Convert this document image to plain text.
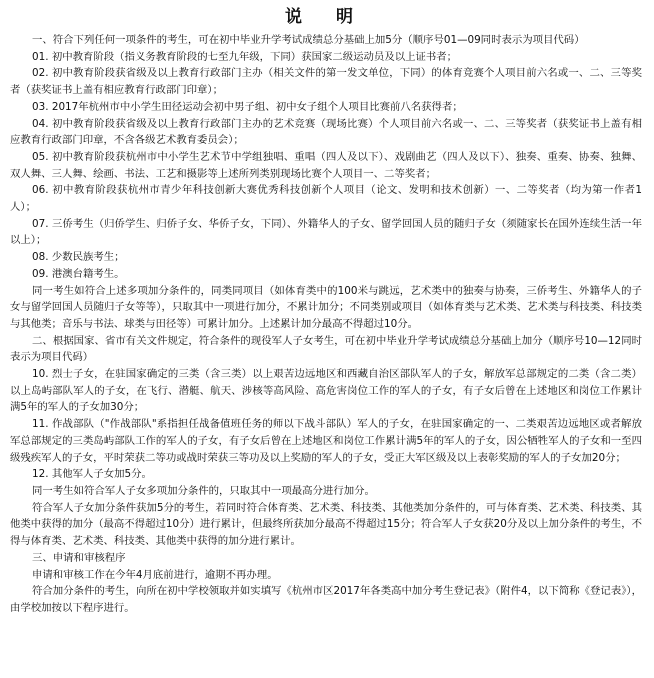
说 明

一、符合下列任何一项条件的考生，可在初中毕业升学考试成绩总分基础上加5分（顺序号01—09同时表示为项目代码）

01. 初中教育阶段（指义务教育阶段的七至九年级，下同）获国家二级运动员及以上证书者；

02. 初中教育阶段获省级及以上教育行政部门主办（相关文件的第一发文单位，下同）的体育竞赛个人项目前六名或一、二、三等奖者（获奖证书上盖有相应教育行政部门印章）；

03. 2017年杭州市中小学生田径运动会初中男子组、初中女子组个人项目比赛前八名获得者；

04. 初中教育阶段获省级及以上教育行政部门主办的艺术竞赛（现场比赛）个人项目前六名或一、二、三等奖者（获奖证书上盖有相应教育行政部门印章，不含各级艺术教育委员会）；

05. 初中教育阶段获杭州市中小学生艺术节中学组独唱、重唱（四人及以下）、戏剧曲艺（四人及以下）、独奏、重奏、协奏、独舞、双人舞、三人舞、绘画、书法、工艺和摄影等上述所列类别现场比赛个人项目一、二等奖者；

06. 初中教育阶段获杭州市青少年科技创新大赛优秀科技创新个人项目（论文、发明和技术创新）一、二等奖者（均为第一作者1人）；

07. 三侨考生（归侨学生、归侨子女、华侨子女，下同）、外籍华人的子女、留学回国人员的随归子女（须随家长在国外连续生活一年以上）；

08. 少数民族考生；

09. 港澳台籍考生。

同一考生如符合上述多项加分条件的，同类同项目（如体育类中的100米与跳远，艺术类中的独奏与协奏，三侨考生、外籍华人的子女与留学回国人员随归子女等等），只取其中一项进行加分，不累计加分；不同类别或项目（如体育类与艺术类、艺术类与科技类、科技类与其他类；音乐与书法、球类与田径等）可累计加分。上述累计加分最高不得超过10分。

二、根据国家、省市有关文件规定，符合条件的现役军人子女考生，可在初中毕业升学考试成绩总分基础上加分（顺序号10—12同时表示为项目代码）

10. 烈士子女，在驻国家确定的三类（含三类）以上艰苦边远地区和西藏自治区部队军人的子女，解放军总部规定的二类（含二类）以上岛屿部队军人的子女，在飞行、潜艇、航天、涉核等高风险、高危害岗位工作的军人的子女，有子女后曾在上述地区和岗位工作累计满5年的军人的子女加30分；

11. 作战部队（"作战部队"系指担任战备值班任务的师以下战斗部队）军人的子女，在驻国家确定的一、二类艰苦边远地区或者解放军总部规定的三类岛屿部队工作的军人的子女，有子女后曾在上述地区和岗位工作累计满5年的军人的子女，因公牺牲军人的子女和一至四级残疾军人的子女，平时荣获二等功或战时荣获三等功及以上奖励的军人的子女，受正大军区级及以上表彰奖励的军人的子女加20分；

12. 其他军人子女加5分。

同一考生如符合军人子女多项加分条件的，只取其中一项最高分进行加分。

符合军人子女加分条件获加5分的考生，若同时符合体育类、艺术类、科技类、其他类加分条件的，可与体育类、艺术类、科技类、其他类中获得的加分（最高不得超过10分）进行累计，但最终所获加分最高不得超过15分；符合军人子女获20分及以上加分条件的考生，不得与体育类、艺术类、科技类、其他类中获得的加分进行累计。

三、申请和审核程序

申请和审核工作在今年4月底前进行，逾期不再办理。

符合加分条件的考生，向所在初中学校领取并如实填写《杭州市区2017年各类高中加分考生登记表》（附件4，以下简称《登记表》），由学校加按以下程序进行。
